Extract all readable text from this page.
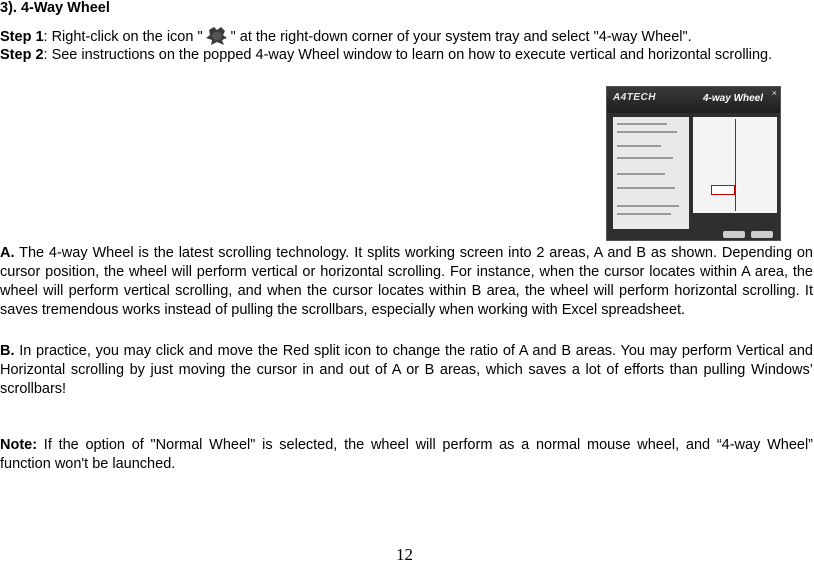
3). 4-Way Wheel
Step 1: Right-click on the icon " " at the right-down corner of your system tray and select "4-way Wheel".
Step 2: See instructions on the popped 4-way Wheel window to learn on how to execute vertical and horizontal scrolling.
A4TECH	4-way Wheel ×
A. The 4-way Wheel is the latest scrolling technology. It splits working screen into 2 areas, A and B as shown. Depending on cursor position, the wheel will perform vertical or horizontal scrolling. For instance, when the cursor locates within A area, the wheel will perform vertical scrolling, and when the cursor locates within B area, the wheel will perform horizontal scrolling. It saves tremendous works instead of pulling the scrollbars, especially when working with Excel spreadsheet.
B. In practice, you may click and move the Red split icon to change the ratio of A and B areas. You may perform Vertical and Horizontal scrolling by just moving the cursor in and out of A or B areas, which saves a lot of efforts than pulling Windows’ scrollbars!
Note: If the option of "Normal Wheel" is selected, the wheel will perform as a normal mouse wheel, and “4-way Wheel” function won't be launched.
12
